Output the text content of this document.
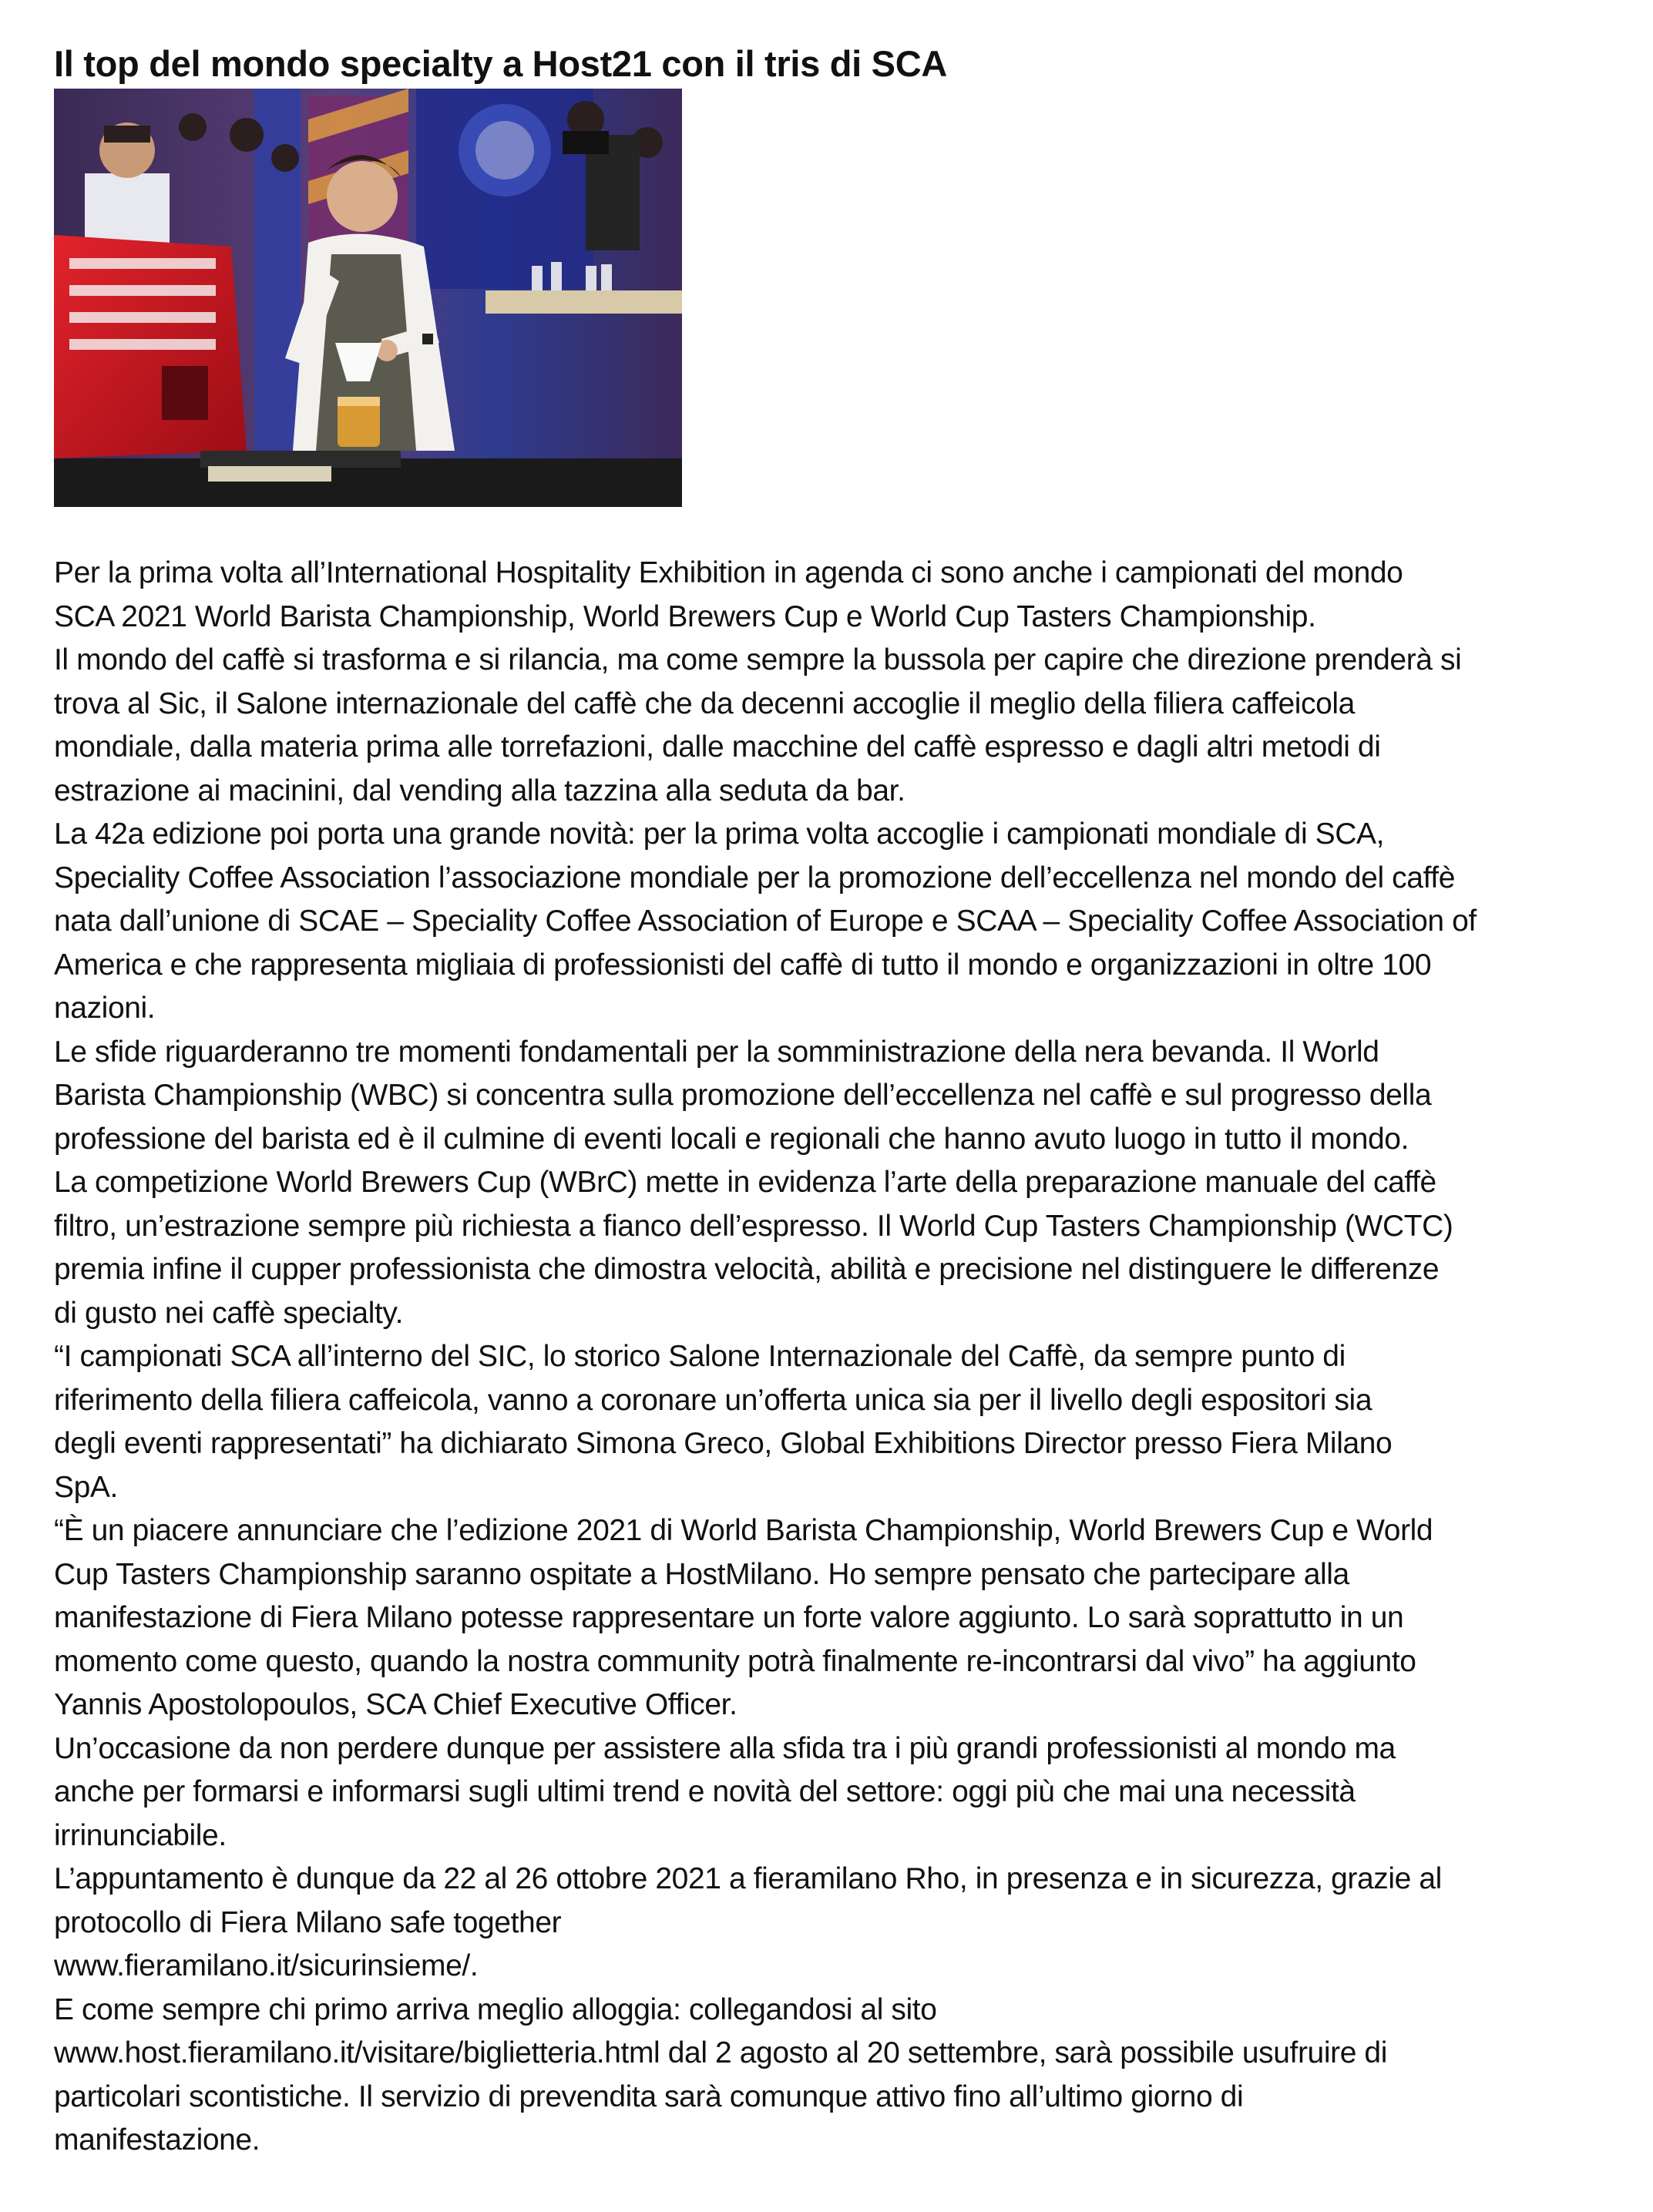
Il top del mondo specialty a Host21 con il tris di SCA

Per la prima volta all’International Hospitality Exhibition in agenda ci sono anche i campionati del mondo

SCA 2021 World Barista Championship, World Brewers Cup e World Cup Tasters Championship.

Il mondo del caffè si trasforma e si rilancia, ma come sempre la bussola per capire che direzione prenderà si

trova al Sic, il Salone internazionale del caffè che da decenni accoglie il meglio della filiera caffeicola

mondiale, dalla materia prima alle torrefazioni, dalle macchine del caffè espresso e dagli altri metodi di

estrazione ai macinini, dal vending alla tazzina alla seduta da bar.

La 42a edizione poi porta una grande novità: per la prima volta accoglie i campionati mondiale di SCA,

Speciality Coffee Association l’associazione mondiale per la promozione dell’eccellenza nel mondo del caffè

nata dall’unione di SCAE – Speciality Coffee Association of Europe e SCAA – Speciality Coffee Association of

America e che rappresenta migliaia di professionisti del caffè di tutto il mondo e organizzazioni in oltre 100

nazioni.

Le sfide riguarderanno tre momenti fondamentali per la somministrazione della nera bevanda. Il World

Barista Championship (WBC) si concentra sulla promozione dell’eccellenza nel caffè e sul progresso della

professione del barista ed è il culmine di eventi locali e regionali che hanno avuto luogo in tutto il mondo.

La competizione World Brewers Cup (WBrC) mette in evidenza l’arte della preparazione manuale del caffè

filtro, un’estrazione sempre più richiesta a fianco dell’espresso. Il World Cup Tasters Championship (WCTC)

premia infine il cupper professionista che dimostra velocità, abilità e precisione nel distinguere le differenze

di gusto nei caffè specialty.

“I campionati SCA all’interno del SIC, lo storico Salone Internazionale del Caffè, da sempre punto di

riferimento della filiera caffeicola, vanno a coronare un’offerta unica sia per il livello degli espositori sia

degli eventi rappresentati” ha dichiarato Simona Greco, Global Exhibitions Director presso Fiera Milano

SpA.

“È un piacere annunciare che l’edizione 2021 di World Barista Championship, World Brewers Cup e World

Cup Tasters Championship saranno ospitate a HostMilano. Ho sempre pensato che partecipare alla

manifestazione di Fiera Milano potesse rappresentare un forte valore aggiunto. Lo sarà soprattutto in un

momento come questo, quando la nostra community potrà finalmente re-incontrarsi dal vivo” ha aggiunto

Yannis Apostolopoulos, SCA Chief Executive Officer.

Un’occasione da non perdere dunque per assistere alla sfida tra i più grandi professionisti al mondo ma

anche per formarsi e informarsi sugli ultimi trend e novità del settore: oggi più che mai una necessità

irrinunciabile.

L’appuntamento è dunque da 22 al 26 ottobre 2021 a fieramilano Rho, in presenza e in sicurezza, grazie al

protocollo di Fiera Milano safe together

www.fieramilano.it/sicurinsieme/.

E come sempre chi primo arriva meglio alloggia: collegandosi al sito

www.host.fieramilano.it/visitare/biglietteria.html dal 2 agosto al 20 settembre, sarà possibile usufruire di

particolari scontistiche. Il servizio di prevendita sarà comunque attivo fino all’ultimo giorno di

manifestazione.
